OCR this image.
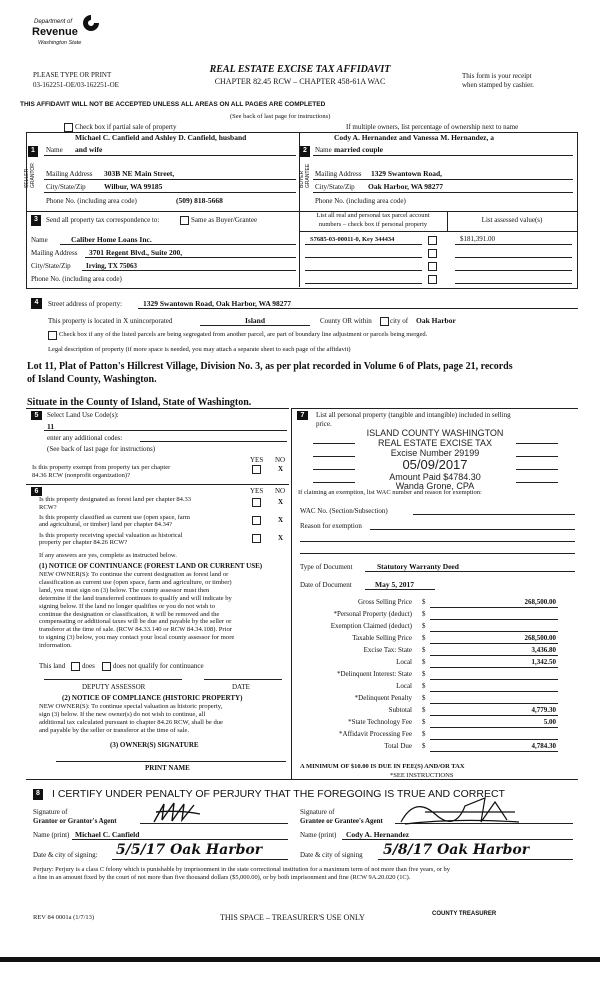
Department of
Revenue
Washington State
PLEASE TYPE OR PRINT
03-162251-OE/03-162251-OE
REAL ESTATE EXCISE TAX AFFIDAVIT
CHAPTER 82.45 RCW – CHAPTER 458-61A WAC
This form is your receipt
when stamped by cashier.
THIS AFFIDAVIT WILL NOT BE ACCEPTED UNLESS ALL AREAS ON ALL PAGES ARE COMPLETED
(See back of last page for instructions)
Check box if partial sale of property	If multiple owners, list percentage of ownership next to name
1
SELLER GRANTOR
Michael C. Canfield and Ashley D. Canfield, husband
Name and wife
Mailing Address 303B NE Main Street,
City/State/Zip Wilbur, WA 99185
Phone No. (including area code)	(509) 818-5668
2
BUYER GRANTEE
Cody A. Hernandez and Vanessa M. Hernandez, a
Name married couple
Mailing Address 1329 Swantown Road,
City/State/Zip Oak Harbor, WA 98277
Phone No. (including area code)
3	Send all property tax correspondence to:	Same as Buyer/Grantee
Name	Caliber Home Loans Inc.
Mailing Address 3701 Regent Blvd., Suite 200,
City/State/Zip Irving, TX 75063
Phone No. (including area code)
List all real and personal tax parcel account
numbers – check box if personal property
List assessed value(s)
S7685-03-00011-0, Key 344434	$181,391.00
4	Street address of property:	1329 Swantown Road, Oak Harbor, WA 98277
This property is located in X unincorporated	Island	County OR within	city of Oak Harbor
Check box if any of the listed parcels are being segregated from another parcel, are part of boundary line adjustment or parcels being merged.
Legal description of property (if more space is needed, you may attach a separate sheet to each page of the affidavit)
Lot 11, Plat of Patton's Hillcrest Village, Division No. 3, as per plat recorded in Volume 6 of Plats, page 21, records
of Island County, Washington.
Situate in the County of Island, State of Washington.
5	Select Land Use Code(s):
11
enter any additional codes:
(See back of last page for instructions)
YES NO
Is this property exempt from property tax per chapter
84.36 RCW (nonprofit organization)?
X
6	YES NO
Is this property designated as forest land per chapter 84.33
RCW?
X
Is this property classified as current use (open space, farm
and agricultural, or timber) land per chapter 84.34?
X
Is this property receiving special valuation as historical
property per chapter 84.26 RCW?
X
If any answers are yes, complete as instructed below.
(1) NOTICE OF CONTINUANCE (FOREST LAND OR CURRENT USE)
NEW OWNER(S): To continue the current designation as forest land or
classification as current use (open space, farm and agriculture, or timber)
land, you must sign on (3) below. The county assessor must then
determine if the land transferred continues to qualify and will indicate by
signing below. If the land no longer qualifies or you do not wish to
continue the designation or classification, it will be removed and the
compensating or additional taxes will be due and payable by the seller or
transferor at the time of sale. (RCW 84.33.140 or RCW 84.34.108). Prior
to signing (3) below, you may contact your local county assessor for more
information.
This land does	does not qualify for continuance
DEPUTY ASSESSOR	DATE
(2) NOTICE OF COMPLIANCE (HISTORIC PROPERTY)
NEW OWNER(S): To continue special valuation as historic property,
sign (3) below. If the new owner(s) do not wish to continue, all
additional tax calculated pursuant to chapter 84.26 RCW, shall be due
and payable by the seller or transferor at the time of sale.
(3) OWNER(S) SIGNATURE
PRINT NAME
7	List all personal property (tangible and intangible) included in selling
price.
ISLAND COUNTY WASHINGTON
REAL ESTATE EXCISE TAX
Excise Number 29199
05/09/2017
Amount Paid $4784.30
Wanda Grone, CPA
If claiming an exemption, list WAC number and reason for exemption:
WAC No. (Section/Subsection)
Reason for exemption
Type of Document	Statutory Warranty Deed
Date of Document	May 5, 2017
Gross Selling Price $	268,500.00
*Personal Property (deduct) $
Exemption Claimed (deduct) $
Taxable Selling Price $	268,500.00
Excise Tax: State $	3,436.80
Local $	1,342.50
*Delinquent Interest: State $
Local $
*Delinquent Penalty $
Subtotal $	4,779.30
*State Technology Fee $	5.00
*Affidavit Processing Fee $
Total Due $	4,784.30
A MINIMUM OF $10.00 IS DUE IN FEE(S) AND/OR TAX
*SEE INSTRUCTIONS
8 I CERTIFY UNDER PENALTY OF PERJURY THAT THE FOREGOING IS TRUE AND CORRECT
Signature of
Grantor or Grantor's Agent
Name (print) Michael C. Canfield
Date & city of signing: 5/5/17 Oak Harbor
Signature of
Grantee or Grantee's Agent
Name (print) Cody A. Hernandez
Date & city of signing 5/8/17 Oak Harbor
Perjury: Perjury is a class C felony which is punishable by imprisonment in the state correctional institution for a maximum term of not more than five years, or by
a fine in an amount fixed by the court of not more than five thousand dollars ($5,000.00), or by both imprisonment and fine (RCW 9A.20.020 (1C).
REV 84 0001a (1/7/13)	THIS SPACE – TREASURER'S USE ONLY	COUNTY TREASURER
